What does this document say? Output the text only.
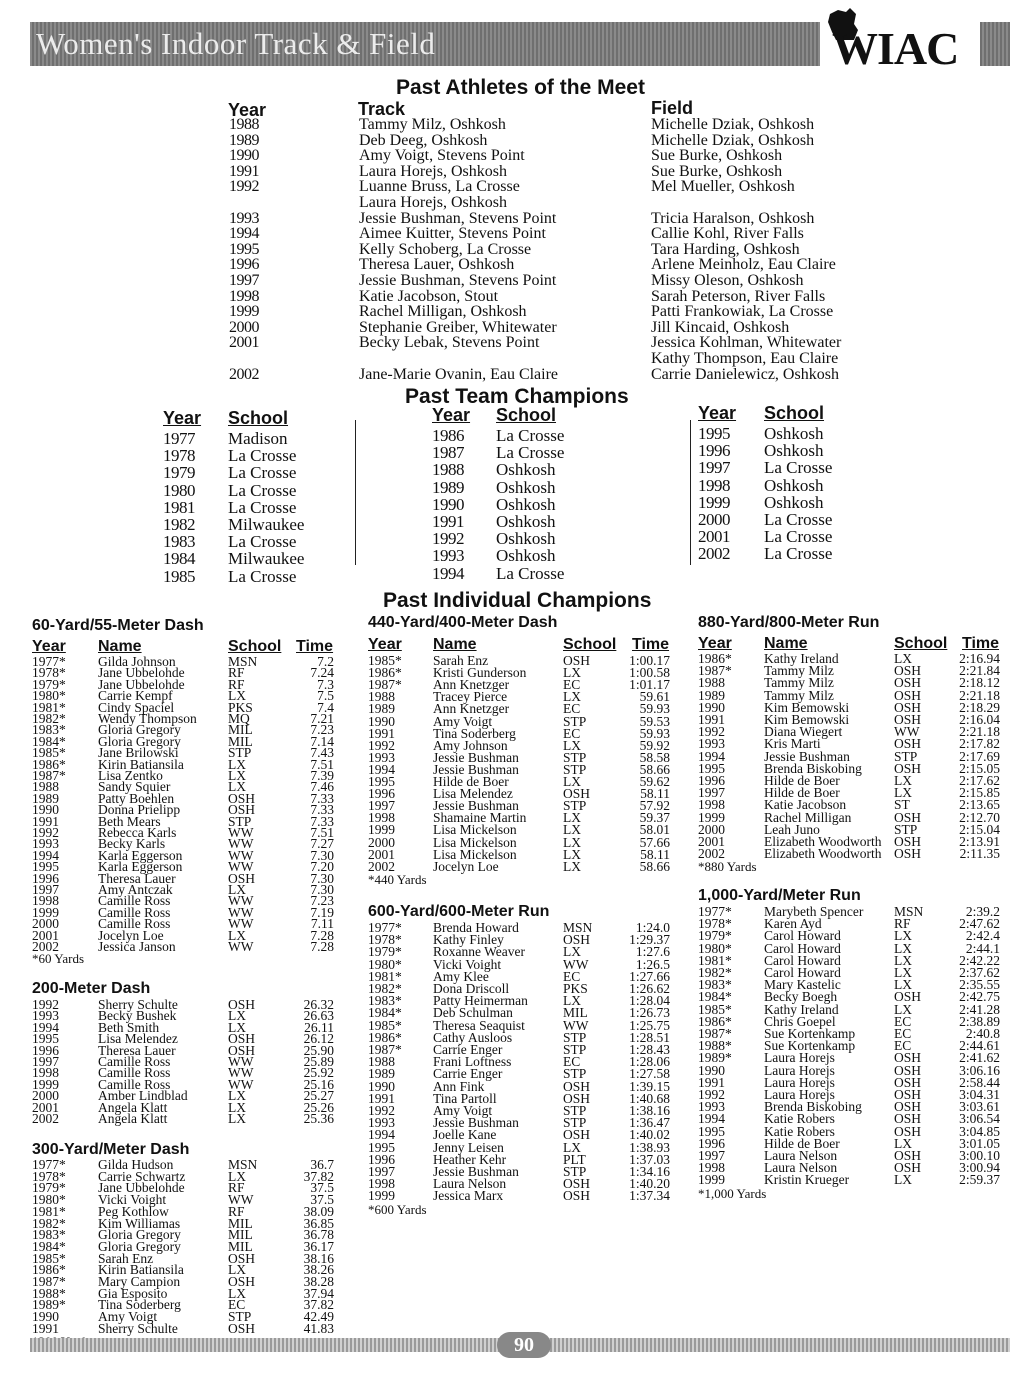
Women's Indoor Track & Field	WIAC
Past Athletes of the Meet
Year	Track	Field
1988	Tammy Milz, Oshkosh	Michelle Dziak, Oshkosh
1989	Deb Deeg, Oshkosh	Michelle Dziak, Oshkosh
1990	Amy Voigt, Stevens Point	Sue Burke, Oshkosh
1991	Laura Horejs, Oshkosh	Sue Burke, Oshkosh
1992	Luanne Bruss, La Crosse	Mel Mueller, Oshkosh
Laura Horejs, Oshkosh
1993	Jessie Bushman, Stevens Point	Tricia Haralson, Oshkosh
1994	Aimee Kuitter, Stevens Point	Callie Kohl, River Falls
1995	Kelly Schoberg, La Crosse	Tara Harding, Oshkosh
1996	Theresa Lauer, Oshkosh	Arlene Meinholz, Eau Claire
1997	Jessie Bushman, Stevens Point	Missy Oleson, Oshkosh
1998	Katie Jacobson, Stout	Sarah Peterson, River Falls
1999	Rachel Milligan, Oshkosh	Patti Frankowiak, La Crosse
2000	Stephanie Greiber, Whitewater	Jill Kincaid, Oshkosh
2001	Becky Lebak, Stevens Point	Jessica Kohlman, Whitewater
Kathy Thompson, Eau Claire
2002	Jane-Marie Ovanin, Eau Claire	Carrie Danielewicz, Oshkosh
Past Team Champions
Year School
1977 Madison
1978 La Crosse
1979 La Crosse
1980 La Crosse
1981 La Crosse
1982 Milwaukee
1983 La Crosse
1984 Milwaukee
1985 La Crosse
Year School
1986 La Crosse
1987 La Crosse
1988 Oshkosh
1989 Oshkosh
1990 Oshkosh
1991 Oshkosh
1992 Oshkosh
1993 Oshkosh
1994 La Crosse
Year School
1995 Oshkosh
1996 Oshkosh
1997 La Crosse
1998 Oshkosh
1999 Oshkosh
2000 La Crosse
2001 La Crosse
2002 La Crosse
Past Individual Champions
60-Yard/55-Meter Dash
Year Name	School Time
1977* Gilda Johnson	MSN	7.2
1978* Jane Ubbelohde	RF	7.24
1979* Jane Ubbelohde	RF	7.3
1980* Carrie Kempf	LX	7.5
1981* Cindy Spaciel	PKS	7.4
1982* Wendy Thompson MQ	7.21
1983* Gloria Gregory	MIL	7.23
1984* Gloria Gregory	MIL	7.14
1985* Jane Brilowski	STP	7.43
1986* Kirin Batiansila	LX	7.51
1987* Lisa Zentko	LX	7.39
1988	Sandy Squier	LX	7.46
1989	Patty Boehlen	OSH	7.33
1990	Donna Prielipp	OSH	7.33
1991	Beth Mears	STP	7.33
1992	Rebecca Karls	WW	7.51
1993	Becky Karls	WW	7.27
1994	Karla Eggerson	WW	7.30
1995	Karla Eggerson	WW	7.20
1996	Theresa Lauer	OSH	7.30
1997	Amy Antczak	LX	7.30
1998	Camille Ross	WW	7.23
1999	Camille Ross	WW	7.19
2000	Camille Ross	WW	7.11
2001	Jocelyn Loe	LX	7.28
2002	Jessica Janson	WW	7.28
*60 Yards
200-Meter Dash
1992	Sherry Schulte	OSH	26.32
1993	Becky Bushek	LX	26.63
1994	Beth Smith	LX	26.11
1995	Lisa Melendez	OSH	26.12
1996	Theresa Lauer	OSH	25.90
1997	Camille Ross	WW	25.89
1998	Camille Ross	WW	25.92
1999	Camille Ross	WW	25.16
2000	Amber Lindblad	LX	25.27
2001	Angela Klatt	LX	25.26
2002	Angela Klatt	LX	25.36
300-Yard/Meter Dash
1977* Gilda Hudson	MSN	36.7
1978* Carrie Schwartz	LX	37.82
1979* Jane Ubbelohde	RF	37.5
1980* Vicki Voight	WW	37.5
1981* Peg Kothlow	RF	38.09
1982* Kim Williamas	MIL	36.85
1983* Gloria Gregory	MIL	36.78
1984* Gloria Gregory	MIL	36.17
1985* Sarah Enz	OSH	38.16
1986* Kirin Batiansila	LX	38.26
1987* Mary Campion	OSH	38.28
1988* Gia Esposito	LX	37.94
1989* Tina Soderberg	EC	37.82
1990	Amy Voigt	STP	42.49
1991	Sherry Schulte	OSH	41.83
440-Yard/400-Meter Dash
Year Name	School Time
1985* Sarah Enz	OSH	1:00.17
1986* Kristi Gunderson	LX	1:00.58
1987* Ann Knetzger	EC	1:01.17
1988	Tracey Pierce	LX	59.61
1989	Ann Knetzger	EC	59.93
1990	Amy Voigt	STP	59.53
1991	Tina Soderberg	EC	59.93
1992	Amy Johnson	LX	59.92
1993	Jessie Bushman	STP	58.58
1994	Jessie Bushman	STP	58.66
1995	Hilde de Boer	LX	59.62
1996	Lisa Melendez	OSH	58.11
1997	Jessie Bushman	STP	57.92
1998	Shamaine Martin	LX	59.37
1999	Lisa Mickelson	LX	58.01
2000	Lisa Mickelson	LX	57.66
2001	Lisa Mickelson	LX	58.11
2002	Jocelyn Loe	LX	58.66
*440 Yards
600-Yard/600-Meter Run
1977* Brenda Howard	MSN	1:24.0
1978* Kathy Finley	OSH	1:29.37
1979* Roxanne Weaver	LX	1:27.6
1980* Vicki Voight	WW	1:26.5
1981* Amy Klee	EC	1:27.66
1982* Dona Driscoll	PKS	1:26.62
1983* Patty Heimerman	LX	1:28.04
1984* Deb Schulman	MIL	1:26.73
1985* Theresa Seaquist	WW	1:25.75
1986* Cathy Ausloos	STP	1:28.51
1987* Carrie Enger	STP	1:28.43
1988	Frani Loftness	EC	1:28.06
1989	Carrie Enger	STP	1:27.58
1990	Ann Fink	OSH	1:39.15
1991	Tina Partoll	OSH	1:40.68
1992	Amy Voigt	STP	1:38.16
1993	Jessie Bushman	STP	1:36.47
1994	Joelle Kane	OSH	1:40.02
1995	Jenny Leisen	LX	1:38.93
1996	Heather Kehr	PLT	1:37.03
1997	Jessie Bushman	STP	1:34.16
1998	Laura Nelson	OSH	1:40.20
1999	Jessica Marx	OSH	1:37.34
*600 Yards
880-Yard/800-Meter Run
Year Name	School Time
1986* Kathy Ireland	LX	2:16.94
1987* Tammy Milz	OSH	2:21.84
1988	Tammy Milz	OSH	2:18.12
1989	Tammy Milz	OSH	2:21.18
1990	Kim Bemowski	OSH	2:18.29
1991	Kim Bemowski	OSH	2:16.04
1992	Diana Wiegert	WW	2:21.18
1993	Kris Marti	OSH	2:17.82
1994	Jessie Bushman	STP	2:17.69
1995	Brenda Biskobing OSH	2:15.05
1996	Hilde de Boer	LX	2:17.62
1997	Hilde de Boer	LX	2:15.85
1998	Katie Jacobson	ST	2:13.65
1999	Rachel Milligan	OSH	2:12.70
2000	Leah Juno	STP	2:15.04
2001	Elizabeth Woodworth OSH	2:13.91
2002	Elizabeth Woodworth OSH	2:11.35
*880 Yards
1,000-Yard/Meter Run
1977* Marybeth Spencer MSN	2:39.2
1978* Karen Ayd	RF	2:47.62
1979* Carol Howard	LX	2:42.4
1980* Carol Howard	LX	2:44.1
1981* Carol Howard	LX	2:42.22
1982* Carol Howard	LX	2:37.62
1983* Mary Kastelic	LX	2:35.55
1984* Becky Boegh	OSH	2:42.75
1985* Kathy Ireland	LX	2:41.28
1986* Chris Goepel	EC	2:38.89
1987* Sue Kortenkamp	EC	2:40.8
1988* Sue Kortenkamp	EC	2:44.61
1989* Laura Horejs	OSH	2:41.62
1990	Laura Horejs	OSH	3:06.16
1991	Laura Horejs	OSH	2:58.44
1992	Laura Horejs	OSH	3:04.31
1993	Brenda Biskobing OSH	3:03.61
1994	Katie Robers	OSH	3:06.54
1995	Katie Robers	OSH	3:04.85
1996	Hilde de Boer	LX	3:01.05
1997	Laura Nelson	OSH	3:00.10
1998	Laura Nelson	OSH	3:00.94
1999	Kristin Krueger	LX	2:59.37
*1,000 Yards
90
